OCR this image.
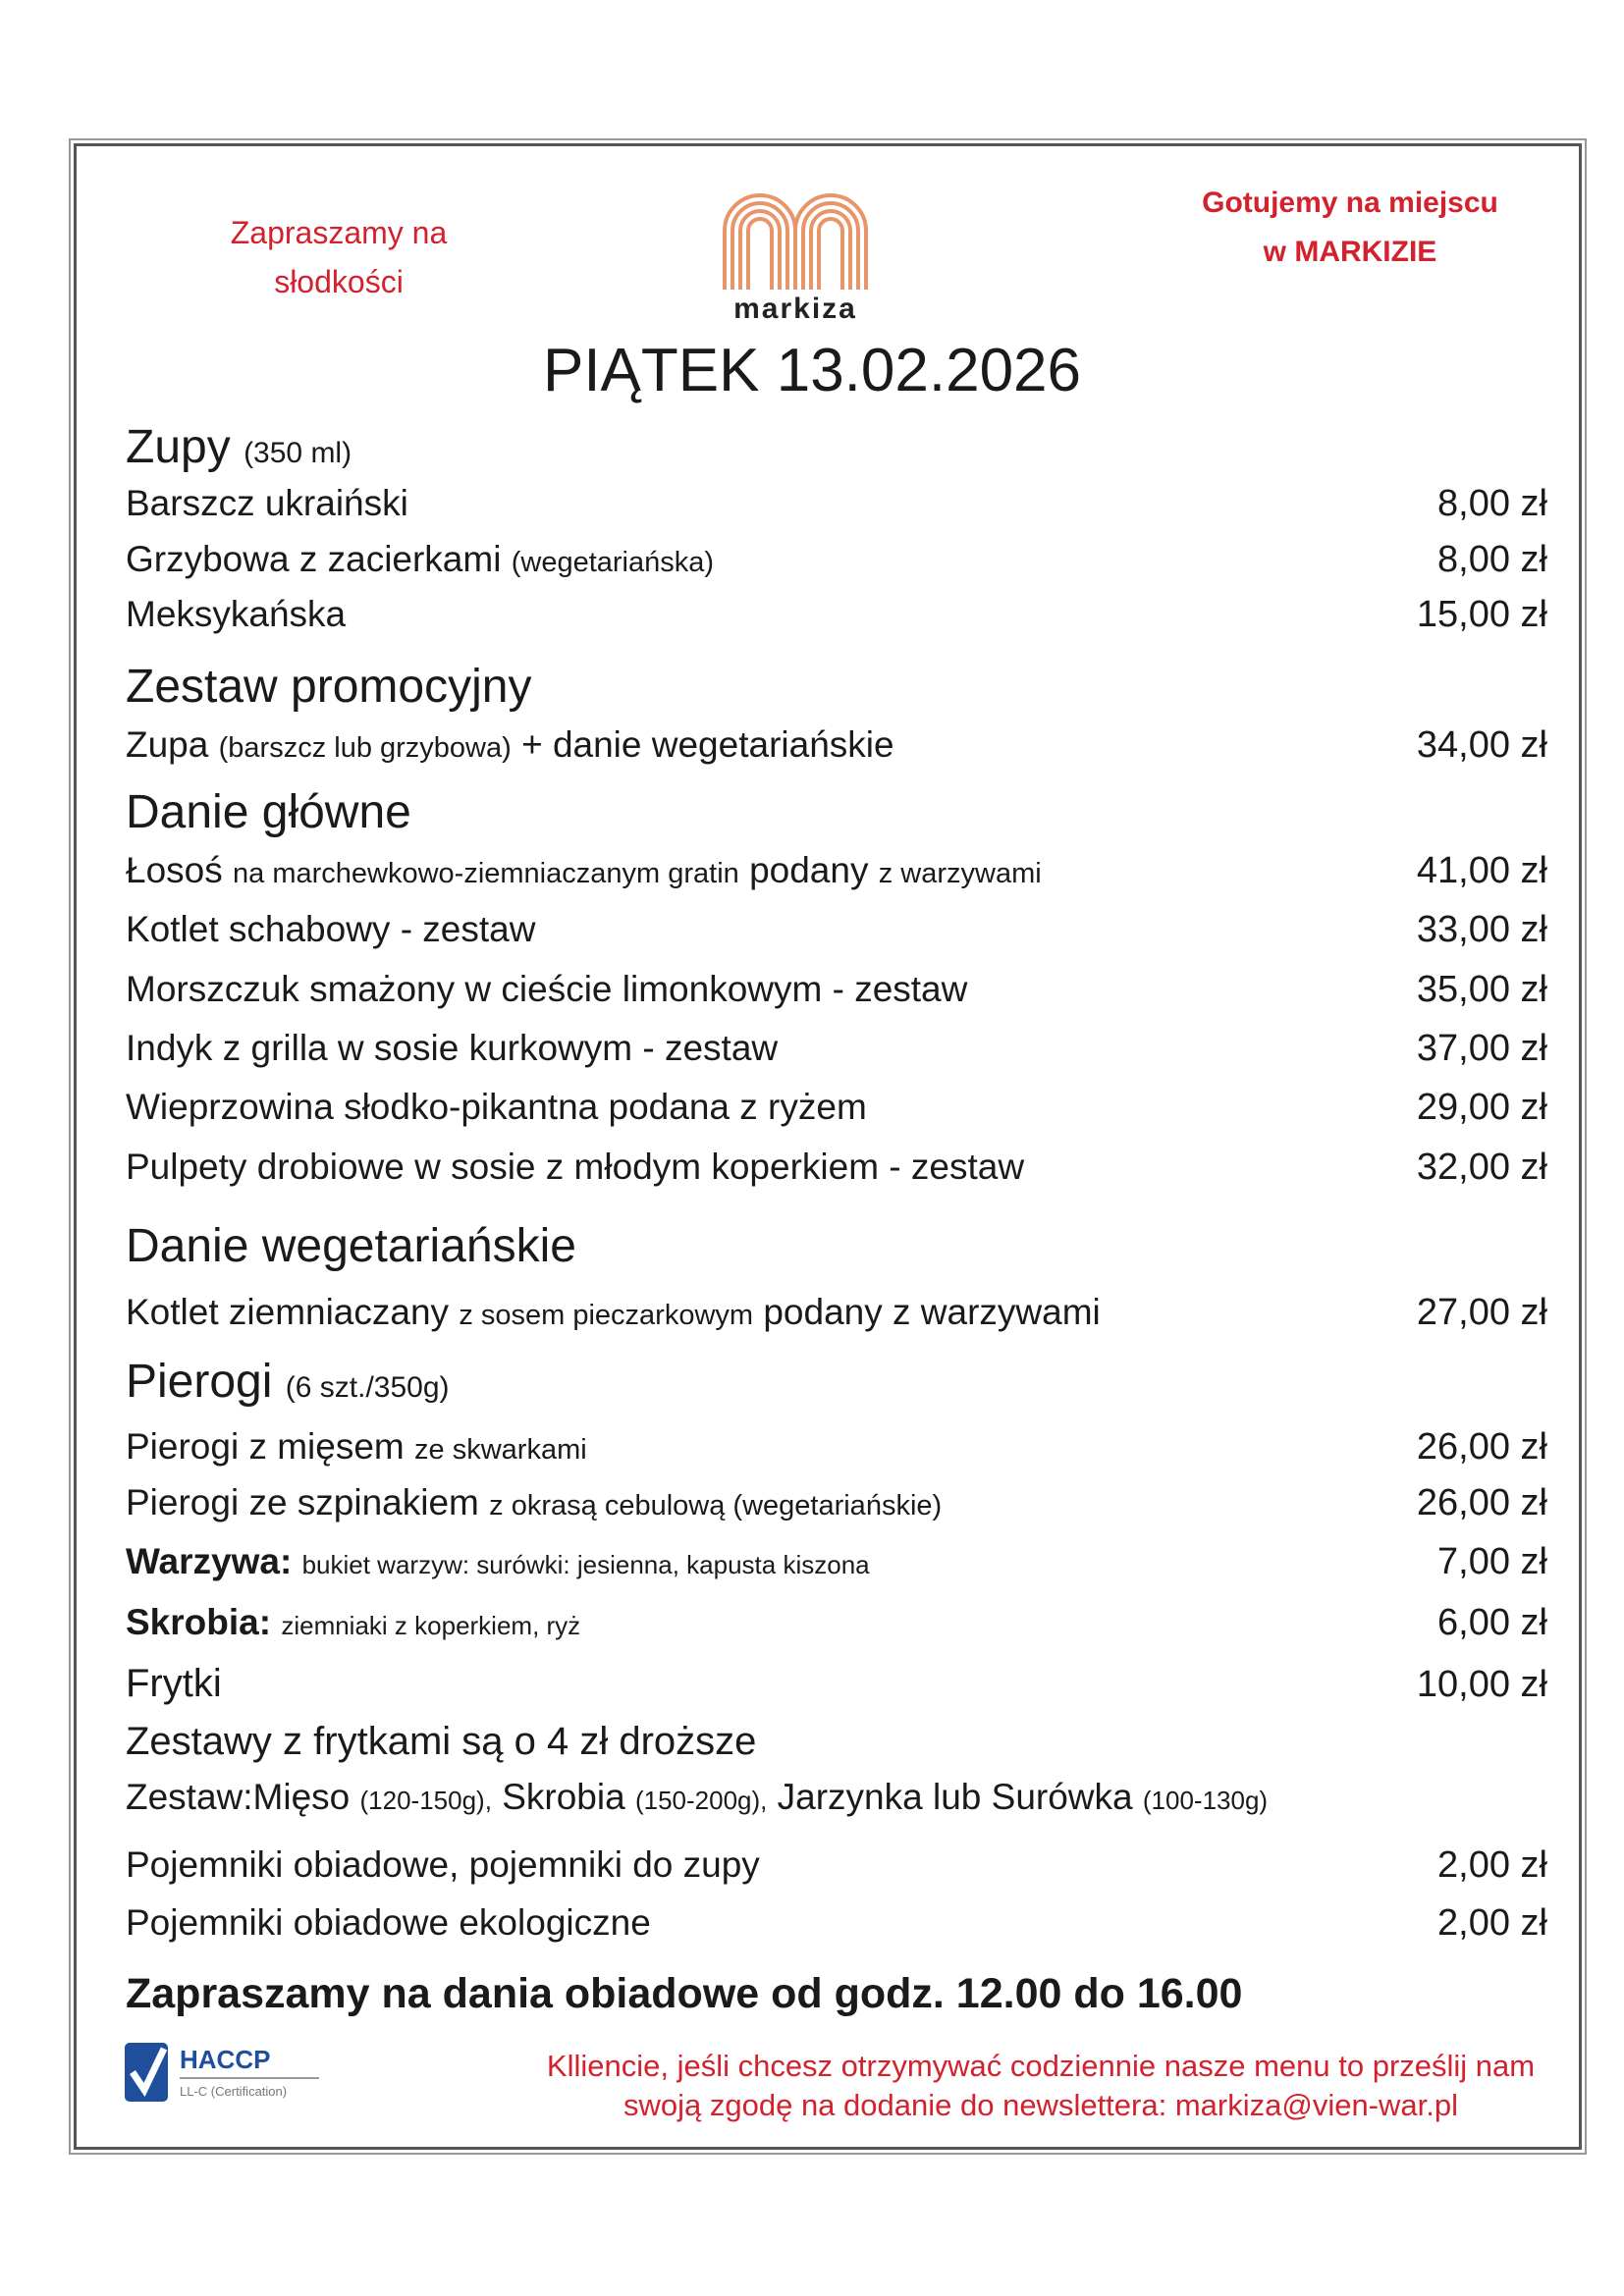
Zapraszamy na
słodkości
Gotujemy na miejscu
w MARKIZIE
markiza
PIĄTEK 13.02.2026
Zupy (350 ml)
Barszcz ukraiński	8,00 zł
Grzybowa z zacierkami (wegetariańska)	8,00 zł
Meksykańska	15,00 zł
Zestaw promocyjny
Zupa (barszcz lub grzybowa) + danie wegetariańskie	34,00 zł
Danie główne
Łosoś na marchewkowo-ziemniaczanym gratin podany z warzywami	41,00 zł
Kotlet schabowy - zestaw	33,00 zł
Morszczuk smażony w cieście limonkowym - zestaw	35,00 zł
Indyk z grilla w sosie kurkowym - zestaw	37,00 zł
Wieprzowina słodko-pikantna podana z ryżem	29,00 zł
Pulpety drobiowe w sosie z młodym koperkiem - zestaw	32,00 zł
Danie wegetariańskie
Kotlet ziemniaczany z sosem pieczarkowym podany z warzywami	27,00 zł
Pierogi (6 szt./350g)
Pierogi z mięsem ze skwarkami	26,00 zł
Pierogi ze szpinakiem z okrasą cebulową (wegetariańskie)	26,00 zł
Warzywa: bukiet warzyw: surówki: jesienna, kapusta kiszona	7,00 zł
Skrobia: ziemniaki z koperkiem, ryż	6,00 zł
Frytki	10,00 zł
Zestawy z frytkami są o 4 zł droższe
Zestaw:Mięso (120-150g), Skrobia (150-200g), Jarzynka lub Surówka (100-130g)
Pojemniki obiadowe, pojemniki do zupy	2,00 zł
Pojemniki obiadowe ekologiczne	2,00 zł
Zapraszamy na dania obiadowe od godz. 12.00 do 16.00
HACCP
LL-C (Certification)
Klliencie, jeśli chcesz otrzymywać codziennie nasze menu to prześlij nam
swoją zgodę na dodanie do newslettera: markiza@vien-war.pl
